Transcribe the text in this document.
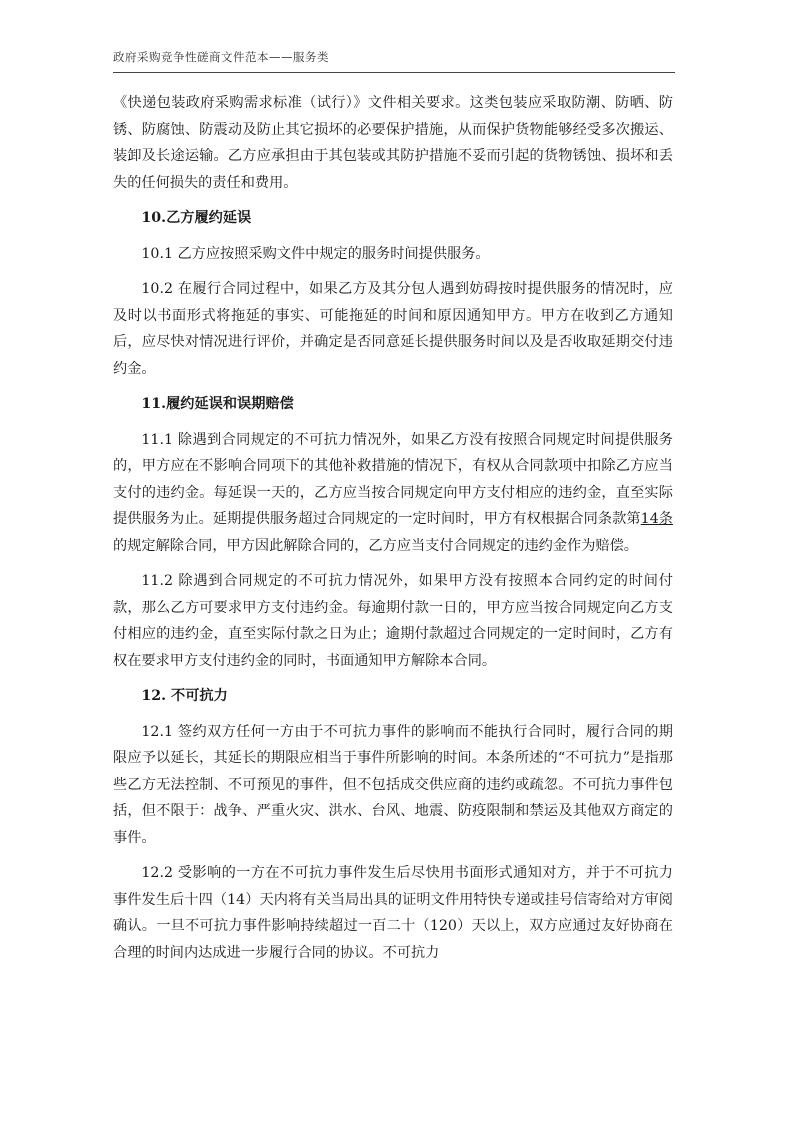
政府采购竞争性磋商文件范本——服务类

《快递包装政府采购需求标准（试行）》文件相关要求。这类包装应采取防潮、防晒、防锈、防腐蚀、防震动及防止其它损坏的必要保护措施，从而保护货物能够经受多次搬运、装卸及长途运输。乙方应承担由于其包装或其防护措施不妥而引起的货物锈蚀、损坏和丢失的任何损失的责任和费用。

10.乙方履约延误

10.1 乙方应按照采购文件中规定的服务时间提供服务。

10.2 在履行合同过程中，如果乙方及其分包人遇到妨碍按时提供服务的情况时，应及时以书面形式将拖延的事实、可能拖延的时间和原因通知甲方。甲方在收到乙方通知后，应尽快对情况进行评价，并确定是否同意延长提供服务时间以及是否收取延期交付违约金。

11.履约延误和误期赔偿

11.1 除遇到合同规定的不可抗力情况外，如果乙方没有按照合同规定时间提供服务的，甲方应在不影响合同项下的其他补救措施的情况下，有权从合同款项中扣除乙方应当支付的违约金。每延误一天的，乙方应当按合同规定向甲方支付相应的违约金，直至实际提供服务为止。延期提供服务超过合同规定的一定时间时，甲方有权根据合同条款第14条的规定解除合同，甲方因此解除合同的，乙方应当支付合同规定的违约金作为赔偿。

11.2 除遇到合同规定的不可抗力情况外，如果甲方没有按照本合同约定的时间付款，那么乙方可要求甲方支付违约金。每逾期付款一日的，甲方应当按合同规定向乙方支付相应的违约金，直至实际付款之日为止；逾期付款超过合同规定的一定时间时，乙方有权在要求甲方支付违约金的同时，书面通知甲方解除本合同。

12. 不可抗力

12.1 签约双方任何一方由于不可抗力事件的影响而不能执行合同时，履行合同的期限应予以延长，其延长的期限应相当于事件所影响的时间。本条所述的“不可抗力”是指那些乙方无法控制、不可预见的事件，但不包括成交供应商的违约或疏忽。不可抗力事件包括，但不限于：战争、严重火灾、洪水、台风、地震、防疫限制和禁运及其他双方商定的事件。

12.2 受影响的一方在不可抗力事件发生后尽快用书面形式通知对方，并于不可抗力事件发生后十四（14）天内将有关当局出具的证明文件用特快专递或挂号信寄给对方审阅确认。一旦不可抗力事件影响持续超过一百二十（120）天以上，双方应通过友好协商在合理的时间内达成进一步履行合同的协议。不可抗力
